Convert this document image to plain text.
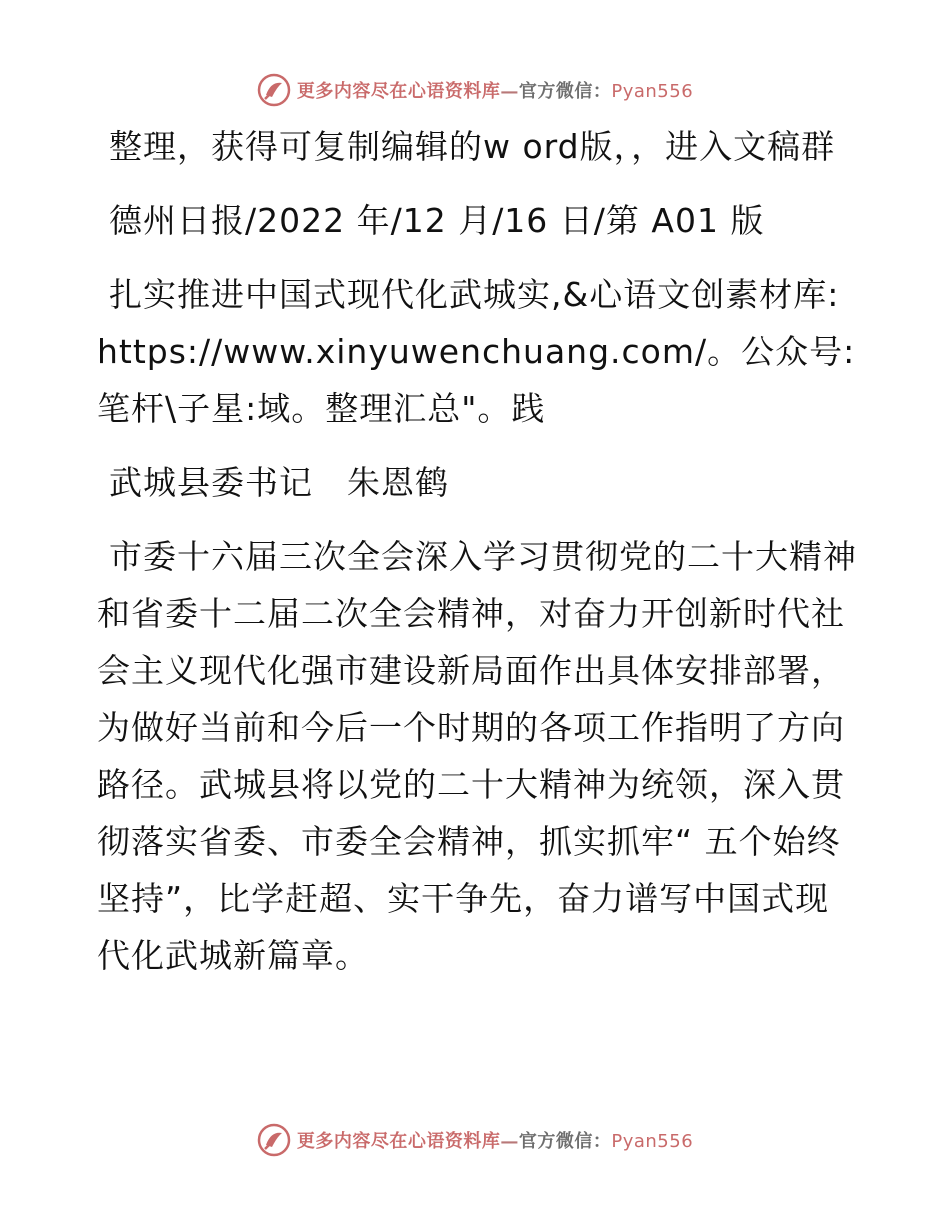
更多内容尽在心语资料库—官方微信：Pyan556

整理，获得可复制编辑的w ord版，，进入文稿群

德州日报/2022 年/12 月/16 日/第 A01 版

扎实推进中国式现代化武城实,&心语文创素材库: https://www.xinyuwenchuang.com/。公众号: 笔杆\子星:域。整理汇总"。践

武城县委书记　朱恩鹤

市委十六届三次全会深入学习贯彻党的二十大精神和省委十二届二次全会精神，对奋力开创新时代社会主义现代化强市建设新局面作出具体安排部署，为做好当前和今后一个时期的各项工作指明了方向路径。武城县将以党的二十大精神为统领，深入贯彻落实省委、市委全会精神，抓实抓牢“ 五个始终坚持”，比学赶超、实干争先，奋力谱写中国式现代化武城新篇章。

更多内容尽在心语资料库—官方微信：Pyan556
